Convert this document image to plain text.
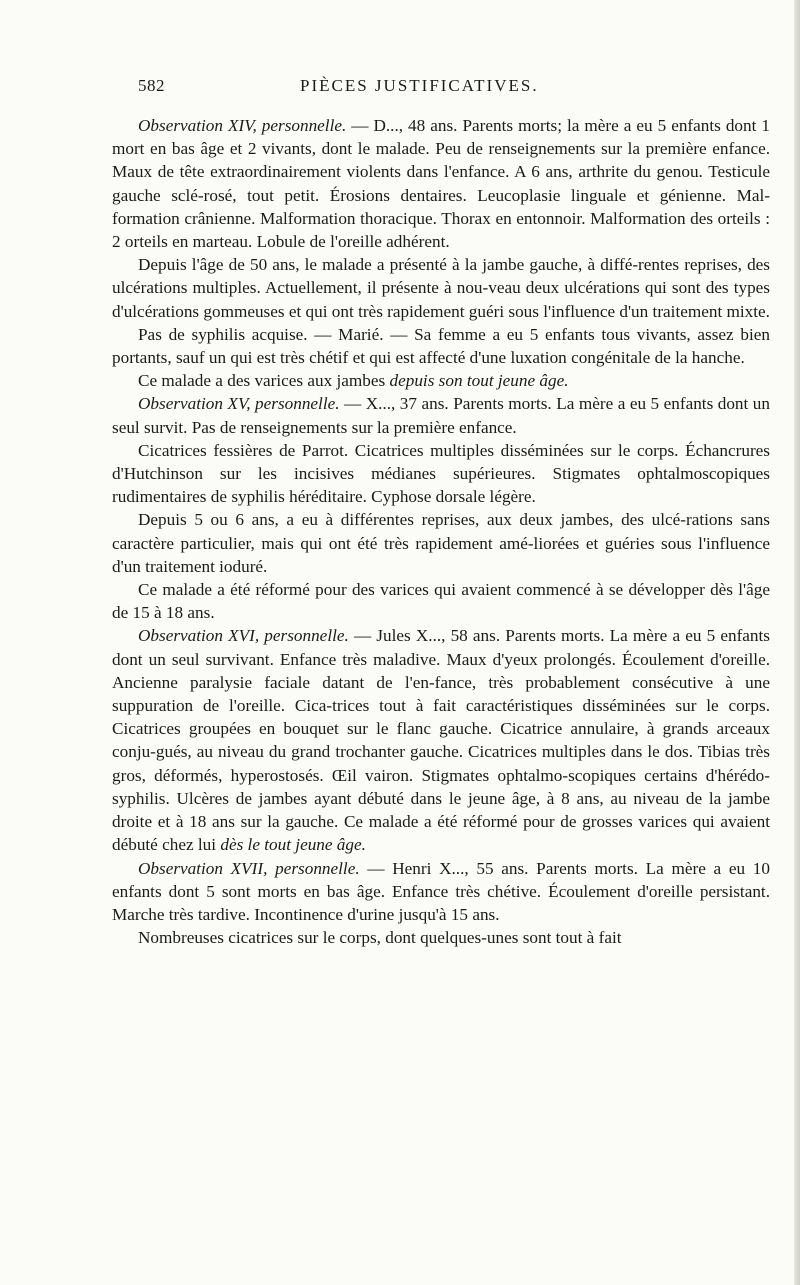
582	PIÈCES JUSTIFICATIVES.

Observation XIV, personnelle. — D..., 48 ans. Parents morts; la mère a eu 5 enfants dont 1 mort en bas âge et 2 vivants, dont le malade. Peu de renseignements sur la première enfance. Maux de tête extraordinairement violents dans l'enfance. A 6 ans, arthrite du genou. Testicule gauche sclé-rosé, tout petit. Érosions dentaires. Leucoplasie linguale et génienne. Mal-formation crânienne. Malformation thoracique. Thorax en entonnoir. Malformation des orteils : 2 orteils en marteau. Lobule de l'oreille adhérent.

Depuis l'âge de 50 ans, le malade a présenté à la jambe gauche, à diffé-rentes reprises, des ulcérations multiples. Actuellement, il présente à nou-veau deux ulcérations qui sont des types d'ulcérations gommeuses et qui ont très rapidement guéri sous l'influence d'un traitement mixte.

Pas de syphilis acquise. — Marié. — Sa femme a eu 5 enfants tous vivants, assez bien portants, sauf un qui est très chétif et qui est affecté d'une luxation congénitale de la hanche.

Ce malade a des varices aux jambes depuis son tout jeune âge.

Observation XV, personnelle. — X..., 37 ans. Parents morts. La mère a eu 5 enfants dont un seul survit. Pas de renseignements sur la première enfance.

Cicatrices fessières de Parrot. Cicatrices multiples disséminées sur le corps. Échancrures d'Hutchinson sur les incisives médianes supérieures. Stigmates ophtalmoscopiques rudimentaires de syphilis héréditaire. Cyphose dorsale légère.

Depuis 5 ou 6 ans, a eu à différentes reprises, aux deux jambes, des ulcé-rations sans caractère particulier, mais qui ont été très rapidement amé-liorées et guéries sous l'influence d'un traitement ioduré.

Ce malade a été réformé pour des varices qui avaient commencé à se développer dès l'âge de 15 à 18 ans.

Observation XVI, personnelle. — Jules X..., 58 ans. Parents morts. La mère a eu 5 enfants dont un seul survivant. Enfance très maladive. Maux d'yeux prolongés. Écoulement d'oreille. Ancienne paralysie faciale datant de l'en-fance, très probablement consécutive à une suppuration de l'oreille. Cica-trices tout à fait caractéristiques disséminées sur le corps. Cicatrices groupées en bouquet sur le flanc gauche. Cicatrice annulaire, à grands arceaux conju-gués, au niveau du grand trochanter gauche. Cicatrices multiples dans le dos. Tibias très gros, déformés, hyperostosés. Œil vairon. Stigmates ophtalmo-scopiques certains d'hérédo-syphilis. Ulcères de jambes ayant débuté dans le jeune âge, à 8 ans, au niveau de la jambe droite et à 18 ans sur la gauche. Ce malade a été réformé pour de grosses varices qui avaient débuté chez lui dès le tout jeune âge.

Observation XVII, personnelle. — Henri X..., 55 ans. Parents morts. La mère a eu 10 enfants dont 5 sont morts en bas âge. Enfance très chétive. Écoulement d'oreille persistant. Marche très tardive. Incontinence d'urine jusqu'à 15 ans.

Nombreuses cicatrices sur le corps, dont quelques-unes sont tout à fait
